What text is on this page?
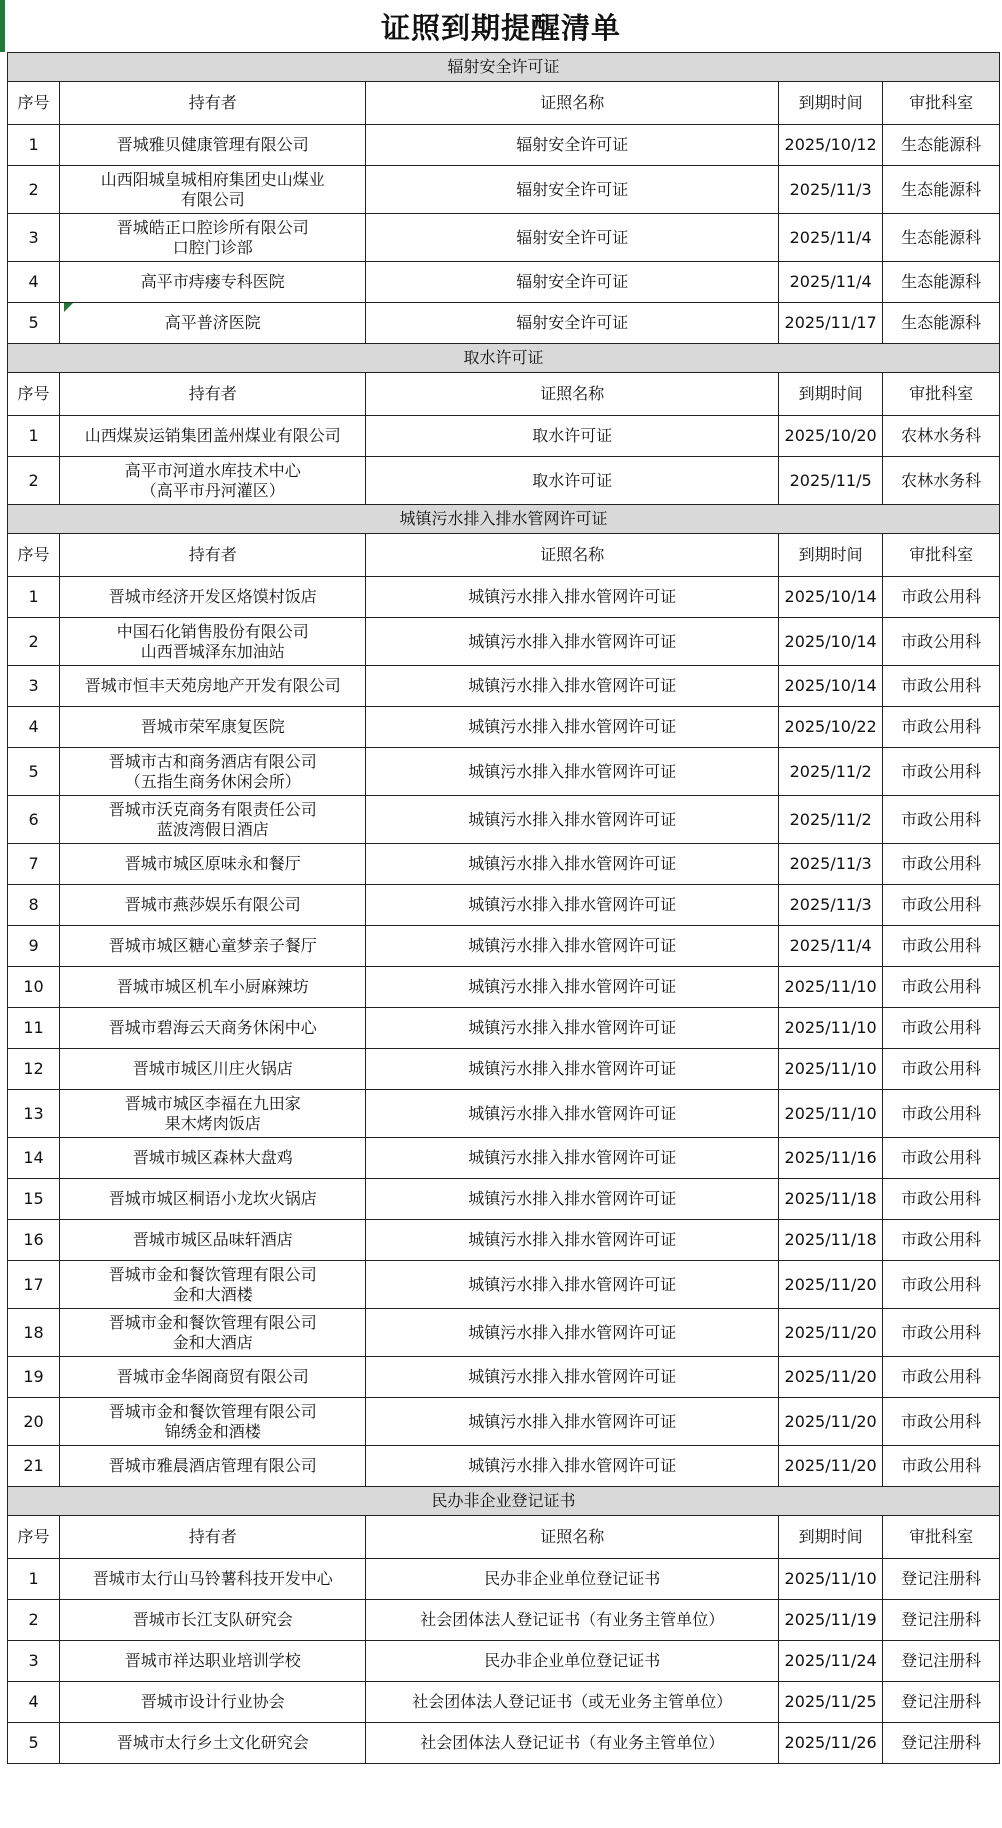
证照到期提醒清单
辐射安全许可证				
序号	持有者	证照名称	到期时间	审批科室
1	晋城雅贝健康管理有限公司	辐射安全许可证	2025/10/12	生态能源科
2	山西阳城皇城相府集团史山煤业
有限公司	辐射安全许可证	2025/11/3	生态能源科
3	晋城皓正口腔诊所有限公司
口腔门诊部	辐射安全许可证	2025/11/4	生态能源科
4	高平市痔瘘专科医院	辐射安全许可证	2025/11/4	生态能源科
5	高平普济医院	辐射安全许可证	2025/11/17	生态能源科
取水许可证				
序号	持有者	证照名称	到期时间	审批科室
1	山西煤炭运销集团盖州煤业有限公司	取水许可证	2025/10/20	农林水务科
2	高平市河道水库技术中心
（高平市丹河灌区）	取水许可证	2025/11/5	农林水务科
城镇污水排入排水管网许可证				
序号	持有者	证照名称	到期时间	审批科室
1	晋城市经济开发区烙馍村饭店	城镇污水排入排水管网许可证	2025/10/14	市政公用科
2	中国石化销售股份有限公司
山西晋城泽东加油站	城镇污水排入排水管网许可证	2025/10/14	市政公用科
3	晋城市恒丰天苑房地产开发有限公司	城镇污水排入排水管网许可证	2025/10/14	市政公用科
4	晋城市荣军康复医院	城镇污水排入排水管网许可证	2025/10/22	市政公用科
5	晋城市古和商务酒店有限公司
（五指生商务休闲会所）	城镇污水排入排水管网许可证	2025/11/2	市政公用科
6	晋城市沃克商务有限责任公司
蓝波湾假日酒店	城镇污水排入排水管网许可证	2025/11/2	市政公用科
7	晋城市城区原味永和餐厅	城镇污水排入排水管网许可证	2025/11/3	市政公用科
8	晋城市燕莎娱乐有限公司	城镇污水排入排水管网许可证	2025/11/3	市政公用科
9	晋城市城区糖心童梦亲子餐厅	城镇污水排入排水管网许可证	2025/11/4	市政公用科
10	晋城市城区机车小厨麻辣坊	城镇污水排入排水管网许可证	2025/11/10	市政公用科
11	晋城市碧海云天商务休闲中心	城镇污水排入排水管网许可证	2025/11/10	市政公用科
12	晋城市城区川庄火锅店	城镇污水排入排水管网许可证	2025/11/10	市政公用科
13	晋城市城区李福在九田家
果木烤肉饭店	城镇污水排入排水管网许可证	2025/11/10	市政公用科
14	晋城市城区森林大盘鸡	城镇污水排入排水管网许可证	2025/11/16	市政公用科
15	晋城市城区桐语小龙坎火锅店	城镇污水排入排水管网许可证	2025/11/18	市政公用科
16	晋城市城区品味轩酒店	城镇污水排入排水管网许可证	2025/11/18	市政公用科
17	晋城市金和餐饮管理有限公司
金和大酒楼	城镇污水排入排水管网许可证	2025/11/20	市政公用科
18	晋城市金和餐饮管理有限公司
金和大酒店	城镇污水排入排水管网许可证	2025/11/20	市政公用科
19	晋城市金华阁商贸有限公司	城镇污水排入排水管网许可证	2025/11/20	市政公用科
20	晋城市金和餐饮管理有限公司
锦绣金和酒楼	城镇污水排入排水管网许可证	2025/11/20	市政公用科
21	晋城市雅晨酒店管理有限公司	城镇污水排入排水管网许可证	2025/11/20	市政公用科
民办非企业登记证书				
序号	持有者	证照名称	到期时间	审批科室
1	晋城市太行山马铃薯科技开发中心	民办非企业单位登记证书	2025/11/10	登记注册科
2	晋城市长江支队研究会	社会团体法人登记证书（有业务主管单位）	2025/11/19	登记注册科
3	晋城市祥达职业培训学校	民办非企业单位登记证书	2025/11/24	登记注册科
4	晋城市设计行业协会	社会团体法人登记证书（或无业务主管单位）	2025/11/25	登记注册科
5	晋城市太行乡土文化研究会	社会团体法人登记证书（有业务主管单位）	2025/11/26	登记注册科
